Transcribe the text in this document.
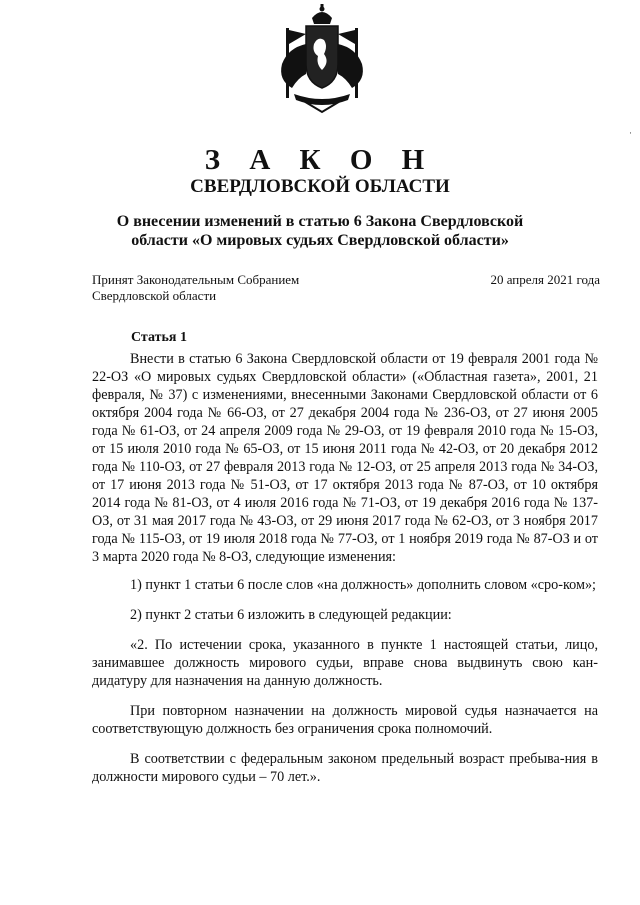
·
З А К О Н
СВЕРДЛОВСКОЙ ОБЛАСТИ
О внесении изменений в статью 6 Закона Свердловской области «О мировых судьях Свердловской области»
Принят Законодательным Собранием
Свердловской области
20 апреля 2021 года
Статья 1

Внести в статью 6 Закона Свердловской области от 19 февраля 2001 года № 22-ОЗ «О мировых судьях Свердловской области» («Областная газета», 2001, 21 февраля, № 37) с изменениями, внесенными Законами Свердловской области от 6 октября 2004 года № 66-ОЗ, от 27 декабря 2004 года № 236-ОЗ, от 27 июня 2005 года № 61-ОЗ, от 24 апреля 2009 года № 29-ОЗ, от 19 февраля 2010 года № 15-ОЗ, от 15 июля 2010 года № 65-ОЗ, от 15 июня 2011 года № 42-ОЗ, от 20 декабря 2012 года № 110-ОЗ, от 27 февраля 2013 года № 12-ОЗ, от 25 апреля 2013 года № 34-ОЗ, от 17 июня 2013 года № 51-ОЗ, от 17 октября 2013 года № 87-ОЗ, от 10 октября 2014 года № 81-ОЗ, от 4 июля 2016 года № 71-ОЗ, от 19 декабря 2016 года № 137-ОЗ, от 31 мая 2017 года № 43-ОЗ, от 29 июня 2017 года № 62-ОЗ, от 3 ноября 2017 года № 115-ОЗ, от 19 июля 2018 года № 77-ОЗ, от 1 ноября 2019 года № 87-ОЗ и от 3 марта 2020 года № 8-ОЗ, следующие изменения:

1) пункт 1 статьи 6 после слов «на должность» дополнить словом «сро-ком»;

2) пункт 2 статьи 6 изложить в следующей редакции:

«2. По истечении срока, указанного в пункте 1 настоящей статьи, лицо, занимавшее должность мирового судьи, вправе снова выдвинуть свою кан-дидатуру для назначения на данную должность.

При повторном назначении на должность мировой судья назначается на соответствующую должность без ограничения срока полномочий.

В соответствии с федеральным законом предельный возраст пребыва-ния в должности мирового судьи – 70 лет.».
